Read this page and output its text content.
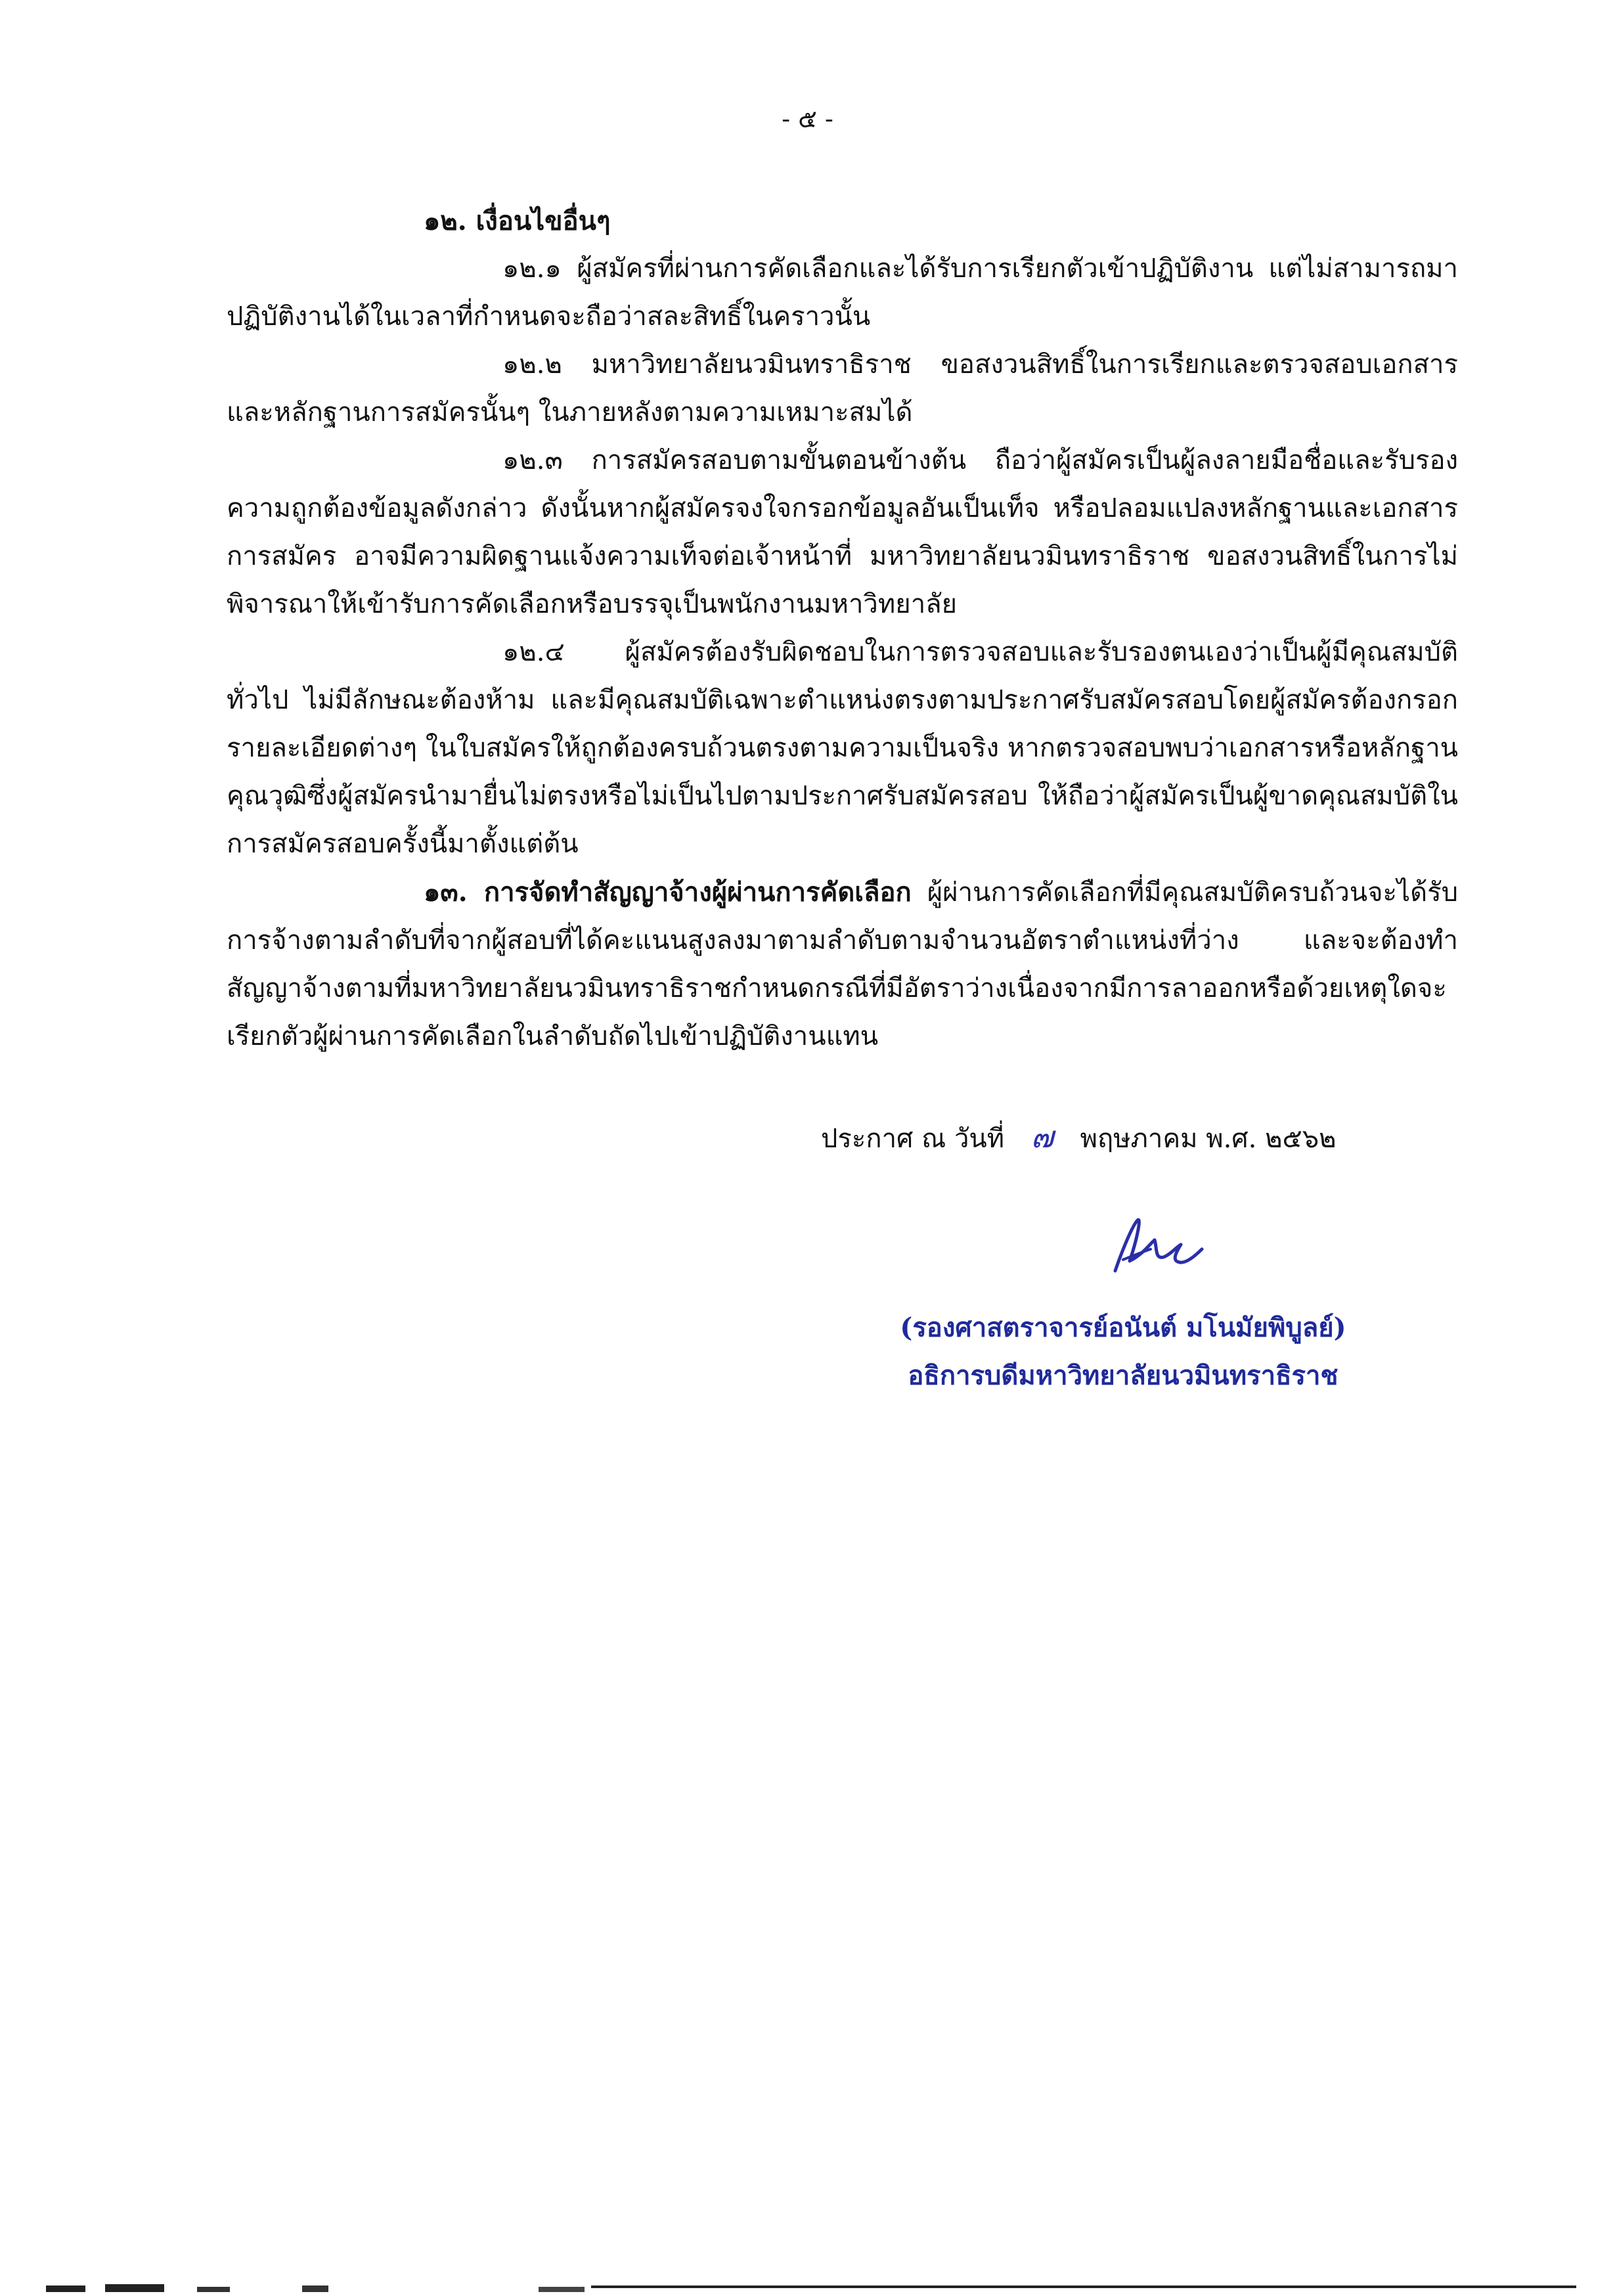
- ๕ -
๑๒. เงื่อนไขอื่นๆ

๑๒.๑ ผู้สมัครที่ผ่านการคัดเลือกและได้รับการเรียกตัวเข้าปฏิบัติงาน แต่ไม่สามารถมาปฏิบัติงานได้ในเวลาที่กำหนดจะถือว่าสละสิทธิ์ในคราวนั้น

๑๒.๒ มหาวิทยาลัยนวมินทราธิราช ขอสงวนสิทธิ์ในการเรียกและตรวจสอบเอกสารและหลักฐานการสมัครนั้นๆ ในภายหลังตามความเหมาะสมได้

๑๒.๓ การสมัครสอบตามขั้นตอนข้างต้น ถือว่าผู้สมัครเป็นผู้ลงลายมือชื่อและรับรองความถูกต้องข้อมูลดังกล่าว ดังนั้นหากผู้สมัครจงใจกรอกข้อมูลอันเป็นเท็จ หรือปลอมแปลงหลักฐานและเอกสารการสมัคร อาจมีความผิดฐานแจ้งความเท็จต่อเจ้าหน้าที่ มหาวิทยาลัยนวมินทราธิราช ขอสงวนสิทธิ์ในการไม่พิจารณาให้เข้ารับการคัดเลือกหรือบรรจุเป็นพนักงานมหาวิทยาลัย

๑๒.๔ ผู้สมัครต้องรับผิดชอบในการตรวจสอบและรับรองตนเองว่าเป็นผู้มีคุณสมบัติทั่วไป ไม่มีลักษณะต้องห้าม และมีคุณสมบัติเฉพาะตำแหน่งตรงตามประกาศรับสมัครสอบโดยผู้สมัครต้องกรอกรายละเอียดต่างๆ ในใบสมัครให้ถูกต้องครบถ้วนตรงตามความเป็นจริง หากตรวจสอบพบว่าเอกสารหรือหลักฐานคุณวุฒิซึ่งผู้สมัครนำมายื่นไม่ตรงหรือไม่เป็นไปตามประกาศรับสมัครสอบ ให้ถือว่าผู้สมัครเป็นผู้ขาดคุณสมบัติในการสมัครสอบครั้งนี้มาตั้งแต่ต้น

๑๓. การจัดทำสัญญาจ้างผู้ผ่านการคัดเลือก ผู้ผ่านการคัดเลือกที่มีคุณสมบัติครบถ้วนจะได้รับการจ้างตามลำดับที่จากผู้สอบที่ได้คะแนนสูงลงมาตามลำดับตามจำนวนอัตราตำแหน่งที่ว่าง และจะต้องทำสัญญาจ้างตามที่มหาวิทยาลัยนวมินทราธิราชกำหนดกรณีที่มีอัตราว่างเนื่องจากมีการลาออกหรือด้วยเหตุใดจะเรียกตัวผู้ผ่านการคัดเลือกในลำดับถัดไปเข้าปฏิบัติงานแทน

ประกาศ ณ วันที่ ๗ พฤษภาคม พ.ศ. ๒๕๖๒
(รองศาสตราจารย์อนันต์ มโนมัยพิบูลย์)
อธิการบดีมหาวิทยาลัยนวมินทราธิราช
